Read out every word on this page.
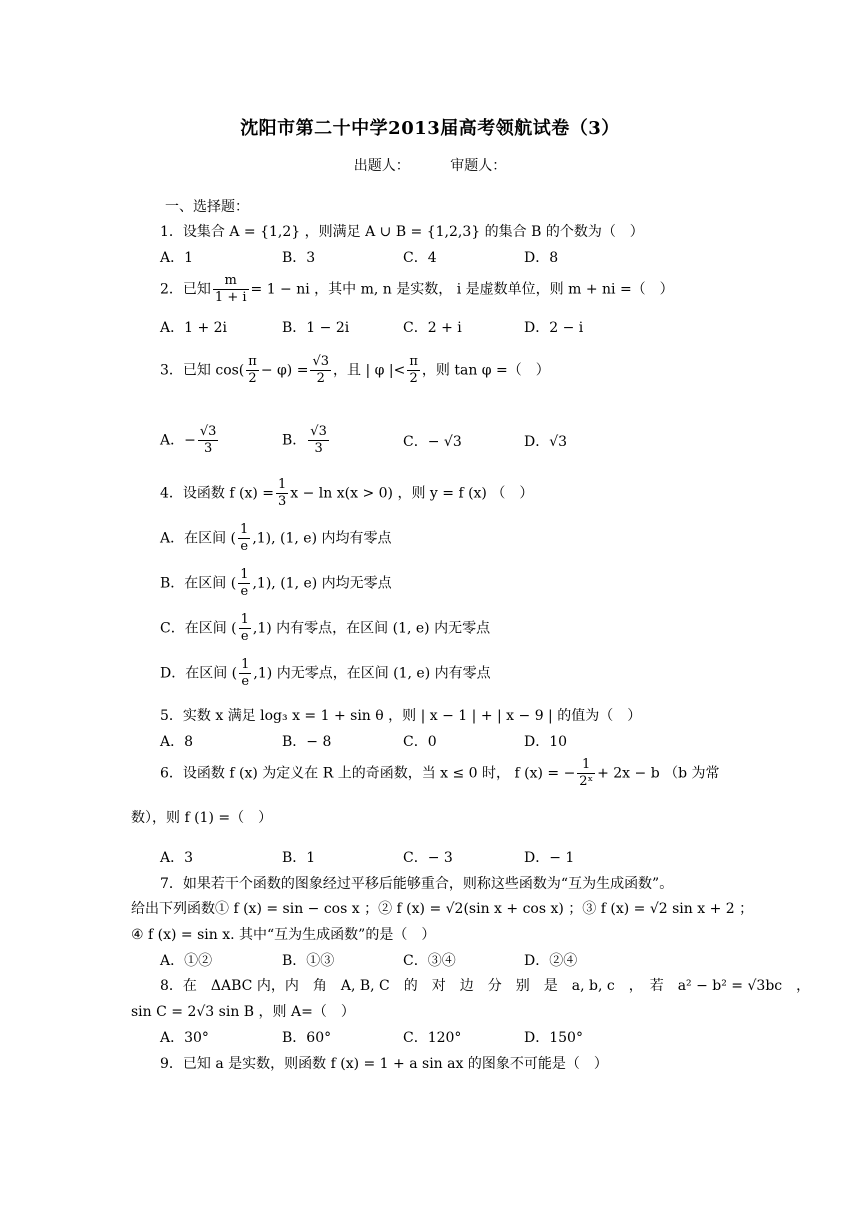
沈阳市第二十中学2013届高考领航试卷（3）
出题人：	审题人：
一、选择题：
1．设集合 A = {1,2} ，则满足 A ∪ B = {1,2,3} 的集合 B 的个数为（　）
A．1	B．3	C．4	D．8
2．已知 $\frac{m}{1 + i} = 1$ − ni ，其中 m, n 是实数， i 是虚数单位，则 m + ni =（　）
A．1 + 2i	B．1 − 2i	C．2 + i	D．2 − i
3．已知 $\cos( \frac{\pi}{2} - \varphi) = \frac{√3}{2}$ ，且 | φ |< $\frac{\pi}{2}$ ，则 tan φ =（　）
A．− $\frac{√3}{3}$	B． $\frac{√3}{3}$	C．− √3	D．√3
4．设函数 f $(x) = \frac{1}{3}$ x − ln x(x > 0) ，则 y = f (x) （　）
A．在区间 ( $\frac{1}{e} ,1$), (1, e) 内均有零点
B．在区间 ( $\frac{1}{e} ,1$), (1, e) 内均无零点
C．在区间 ( $\frac{1}{e} ,1$) 内有零点，在区间 (1, e) 内无零点
D．在区间 ( $\frac{1}{e} ,1$) 内无零点，在区间 (1, e) 内有零点
5．实数 x 满足 log₃ x = 1 + sin θ ，则 | x − 1 | + | x − 9 | 的值为（　）
A．8	B．− 8	C．0	D．10
6．设函数 f (x) 为定义在 R 上的奇函数，当 x ≤ 0 时， f (x) = − $\frac{1}{\text{2ˣ}} + 2x - b$ （b 为常
数），则 f (1) =（　）
A．3	B．1	C．− 3	D．− 1
7．如果若干个函数的图象经过平移后能够重合，则称这些函数为“互为生成函数”。
给出下列函数① f (x) = sin − cos x ；② f (x) = √2(sin x + cos x) ；③ f (x) = √2 sin x + 2 ；
④ f (x) = sin x. 其中“互为生成函数”的是（　）
A．①②	B．①③	C．③④	D．②④
8．在　ΔABC 内，内　角　A, B, C　的　对　边　分　别　是　a, b, c　，　若　a² − b² = √3bc　，
sin C = 2√3 sin B ，则 A=（　）
A．30°	B．60°	C．120°	D．150°
9．已知 a 是实数，则函数 f (x) = 1 + a sin ax 的图象不可能是（　）
